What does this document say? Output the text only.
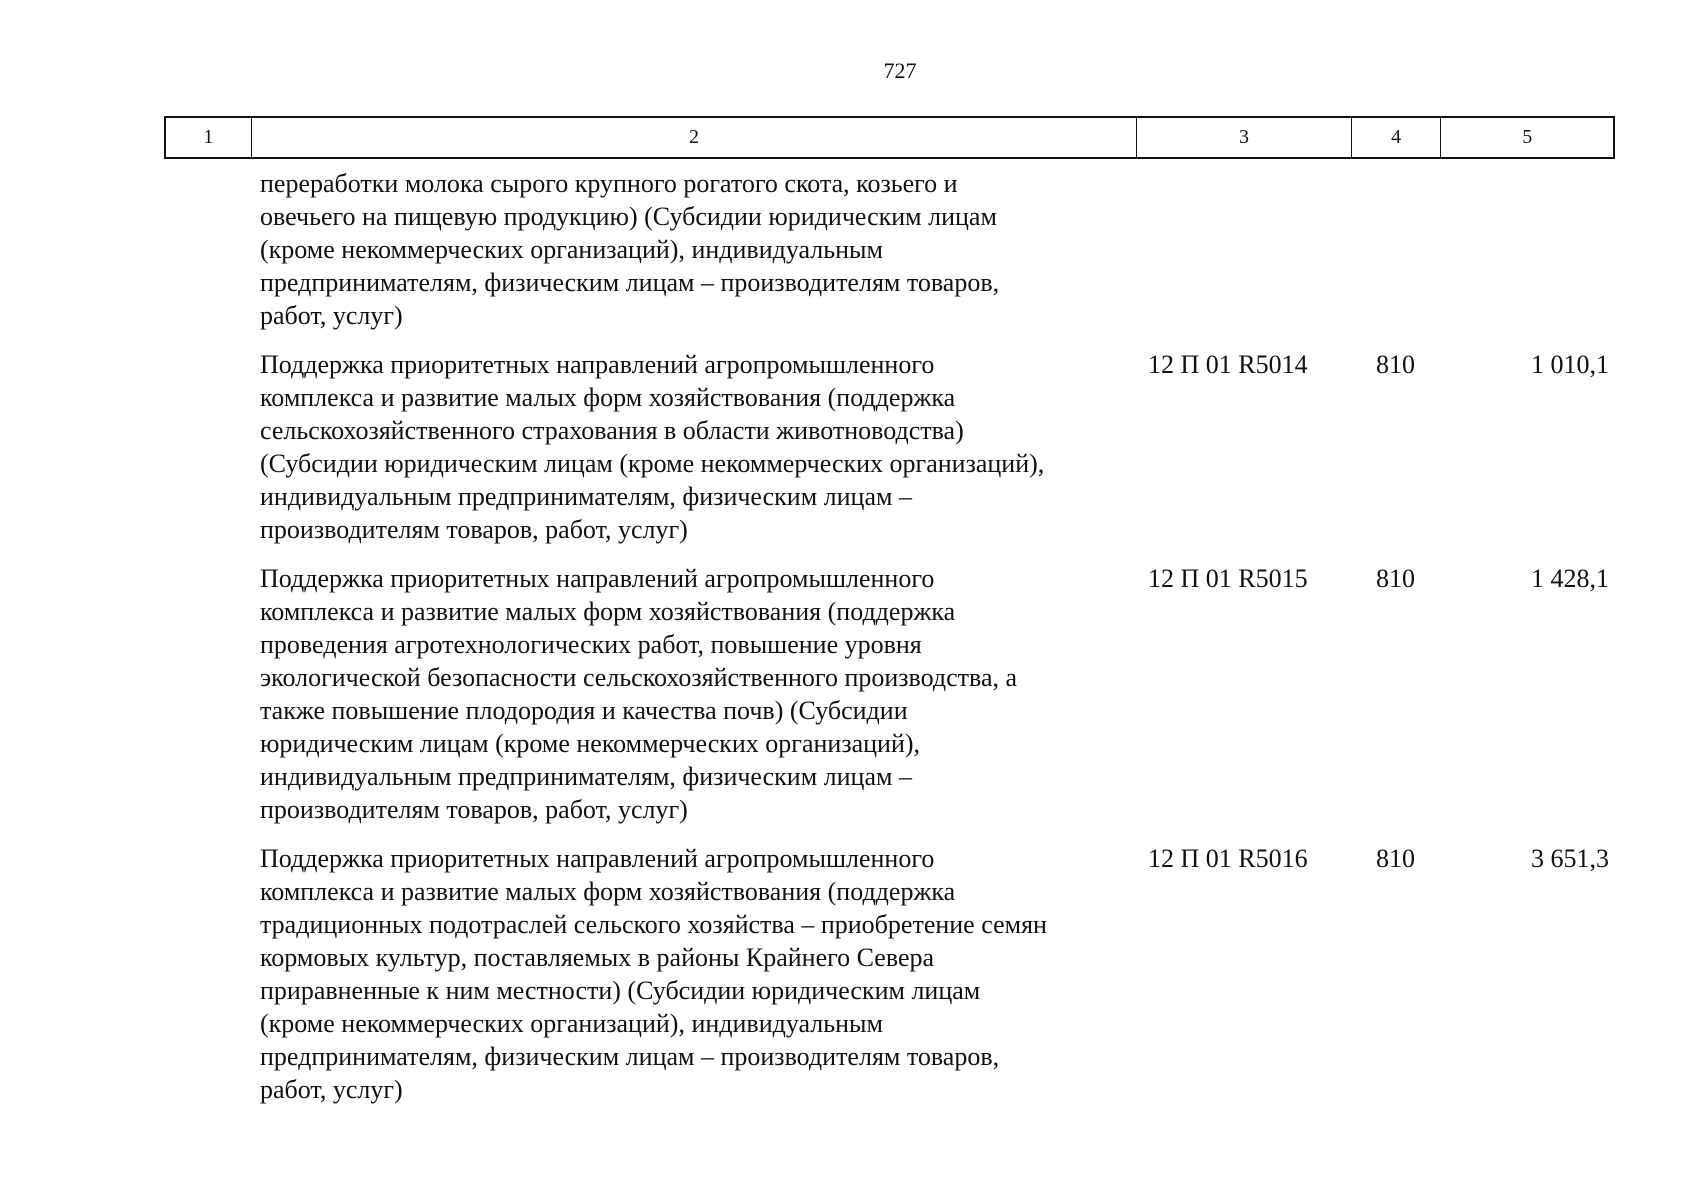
727
1	2	3	4	5
переработки молока сырого крупного рогатого скота, козьего и
овечьего на пищевую продукцию) (Субсидии юридическим лицам
(кроме некоммерческих организаций), индивидуальным
предпринимателям, физическим лицам – производителям товаров,
работ, услуг)
Поддержка приоритетных направлений агропромышленного
комплекса и развитие малых форм хозяйствования (поддержка
сельскохозяйственного страхования в области животноводства)
(Субсидии юридическим лицам (кроме некоммерческих организаций),
индивидуальным предпринимателям, физическим лицам –
производителям товаров, работ, услуг)
12 П 01 R5014	810	1 010,1
Поддержка приоритетных направлений агропромышленного
комплекса и развитие малых форм хозяйствования (поддержка
проведения агротехнологических работ, повышение уровня
экологической безопасности сельскохозяйственного производства, а
также повышение плодородия и качества почв) (Субсидии
юридическим лицам (кроме некоммерческих организаций),
индивидуальным предпринимателям, физическим лицам –
производителям товаров, работ, услуг)
12 П 01 R5015	810	1 428,1
Поддержка приоритетных направлений агропромышленного
комплекса и развитие малых форм хозяйствования (поддержка
традиционных подотраслей сельского хозяйства – приобретение семян
кормовых культур, поставляемых в районы Крайнего Севера
приравненные к ним местности) (Субсидии юридическим лицам
(кроме некоммерческих организаций), индивидуальным
предпринимателям, физическим лицам – производителям товаров,
работ, услуг)
12 П 01 R5016	810	3 651,3
